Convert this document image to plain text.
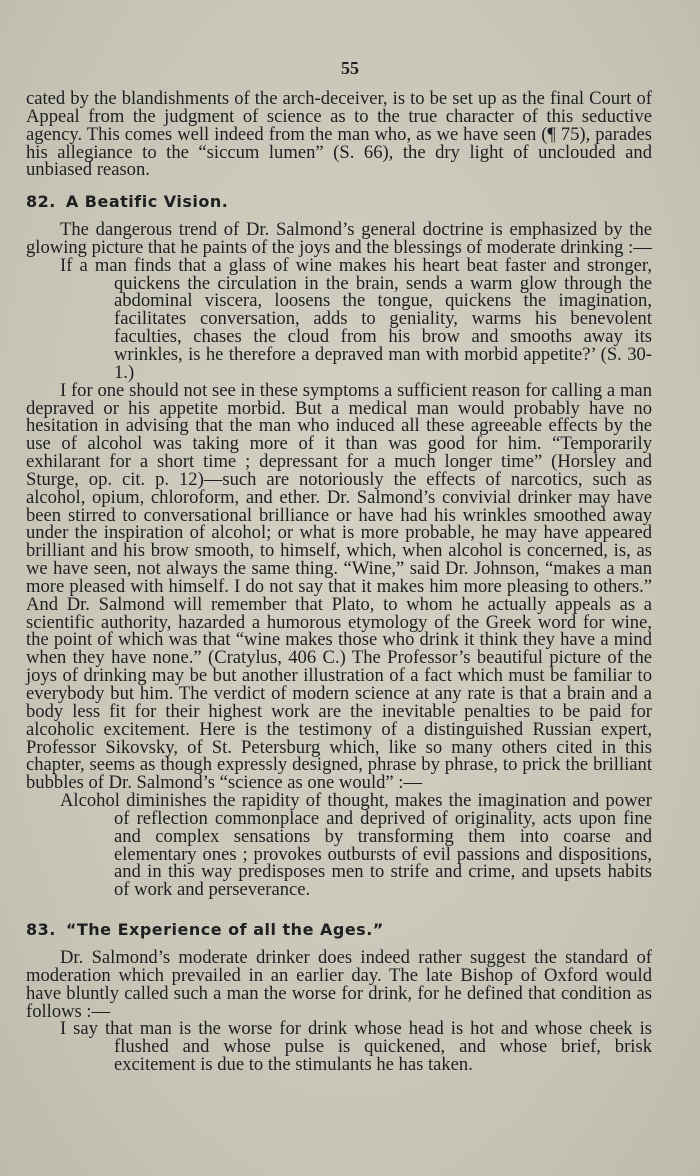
55

cated by the blandishments of the arch-deceiver, is to be set up as the final Court of Appeal from the judgment of science as to the true character of this seductive agency. This comes well indeed from the man who, as we have seen (¶ 75), parades his allegiance to the “siccum lumen” (S. 66), the dry light of unclouded and unbiased reason.

82. A Beatific Vision.

The dangerous trend of Dr. Salmond’s general doctrine is emphasized by the glowing picture that he paints of the joys and the blessings of moderate drinking :—

If a man finds that a glass of wine makes his heart beat faster and stronger, quickens the circulation in the brain, sends a warm glow through the abdominal viscera, loosens the tongue, quickens the imagination, facilitates conversation, adds to geniality, warms his benevolent faculties, chases the cloud from his brow and smooths away its wrinkles, is he therefore a depraved man with morbid appetite?’ (S. 30-1.)

I for one should not see in these symptoms a sufficient reason for calling a man depraved or his appetite morbid. But a medical man would probably have no hesitation in advising that the man who induced all these agreeable effects by the use of alcohol was taking more of it than was good for him. “Temporarily exhilarant for a short time ; depressant for a much longer time” (Horsley and Sturge, op. cit. p. 12)—such are notoriously the effects of narcotics, such as alcohol, opium, chloroform, and ether. Dr. Salmond’s convivial drinker may have been stirred to conversational brilliance or have had his wrinkles smoothed away under the inspiration of alcohol; or what is more probable, he may have appeared brilliant and his brow smooth, to himself, which, when alcohol is concerned, is, as we have seen, not always the same thing. “Wine,” said Dr. Johnson, “makes a man more pleased with himself. I do not say that it makes him more pleasing to others.” And Dr. Salmond will remember that Plato, to whom he actually appeals as a scientific authority, hazarded a humorous etymology of the Greek word for wine, the point of which was that “wine makes those who drink it think they have a mind when they have none.” (Cratylus, 406 C.) The Professor’s beautiful picture of the joys of drinking may be but another illustration of a fact which must be familiar to everybody but him. The verdict of modern science at any rate is that a brain and a body less fit for their highest work are the inevitable penalties to be paid for alcoholic excitement. Here is the testimony of a distinguished Russian expert, Professor Sikovsky, of St. Petersburg which, like so many others cited in this chapter, seems as though expressly designed, phrase by phrase, to prick the brilliant bubbles of Dr. Salmond’s “science as one would” :—

Alcohol diminishes the rapidity of thought, makes the imagination and power of reflection commonplace and deprived of originality, acts upon fine and complex sensations by transforming them into coarse and elementary ones ; provokes outbursts of evil passions and dispositions, and in this way predisposes men to strife and crime, and upsets habits of work and perseverance.

83. “The Experience of all the Ages.”

Dr. Salmond’s moderate drinker does indeed rather suggest the standard of moderation which prevailed in an earlier day. The late Bishop of Oxford would have bluntly called such a man the worse for drink, for he defined that condition as follows :—

I say that man is the worse for drink whose head is hot and whose cheek is flushed and whose pulse is quickened, and whose brief, brisk excitement is due to the stimulants he has taken.
